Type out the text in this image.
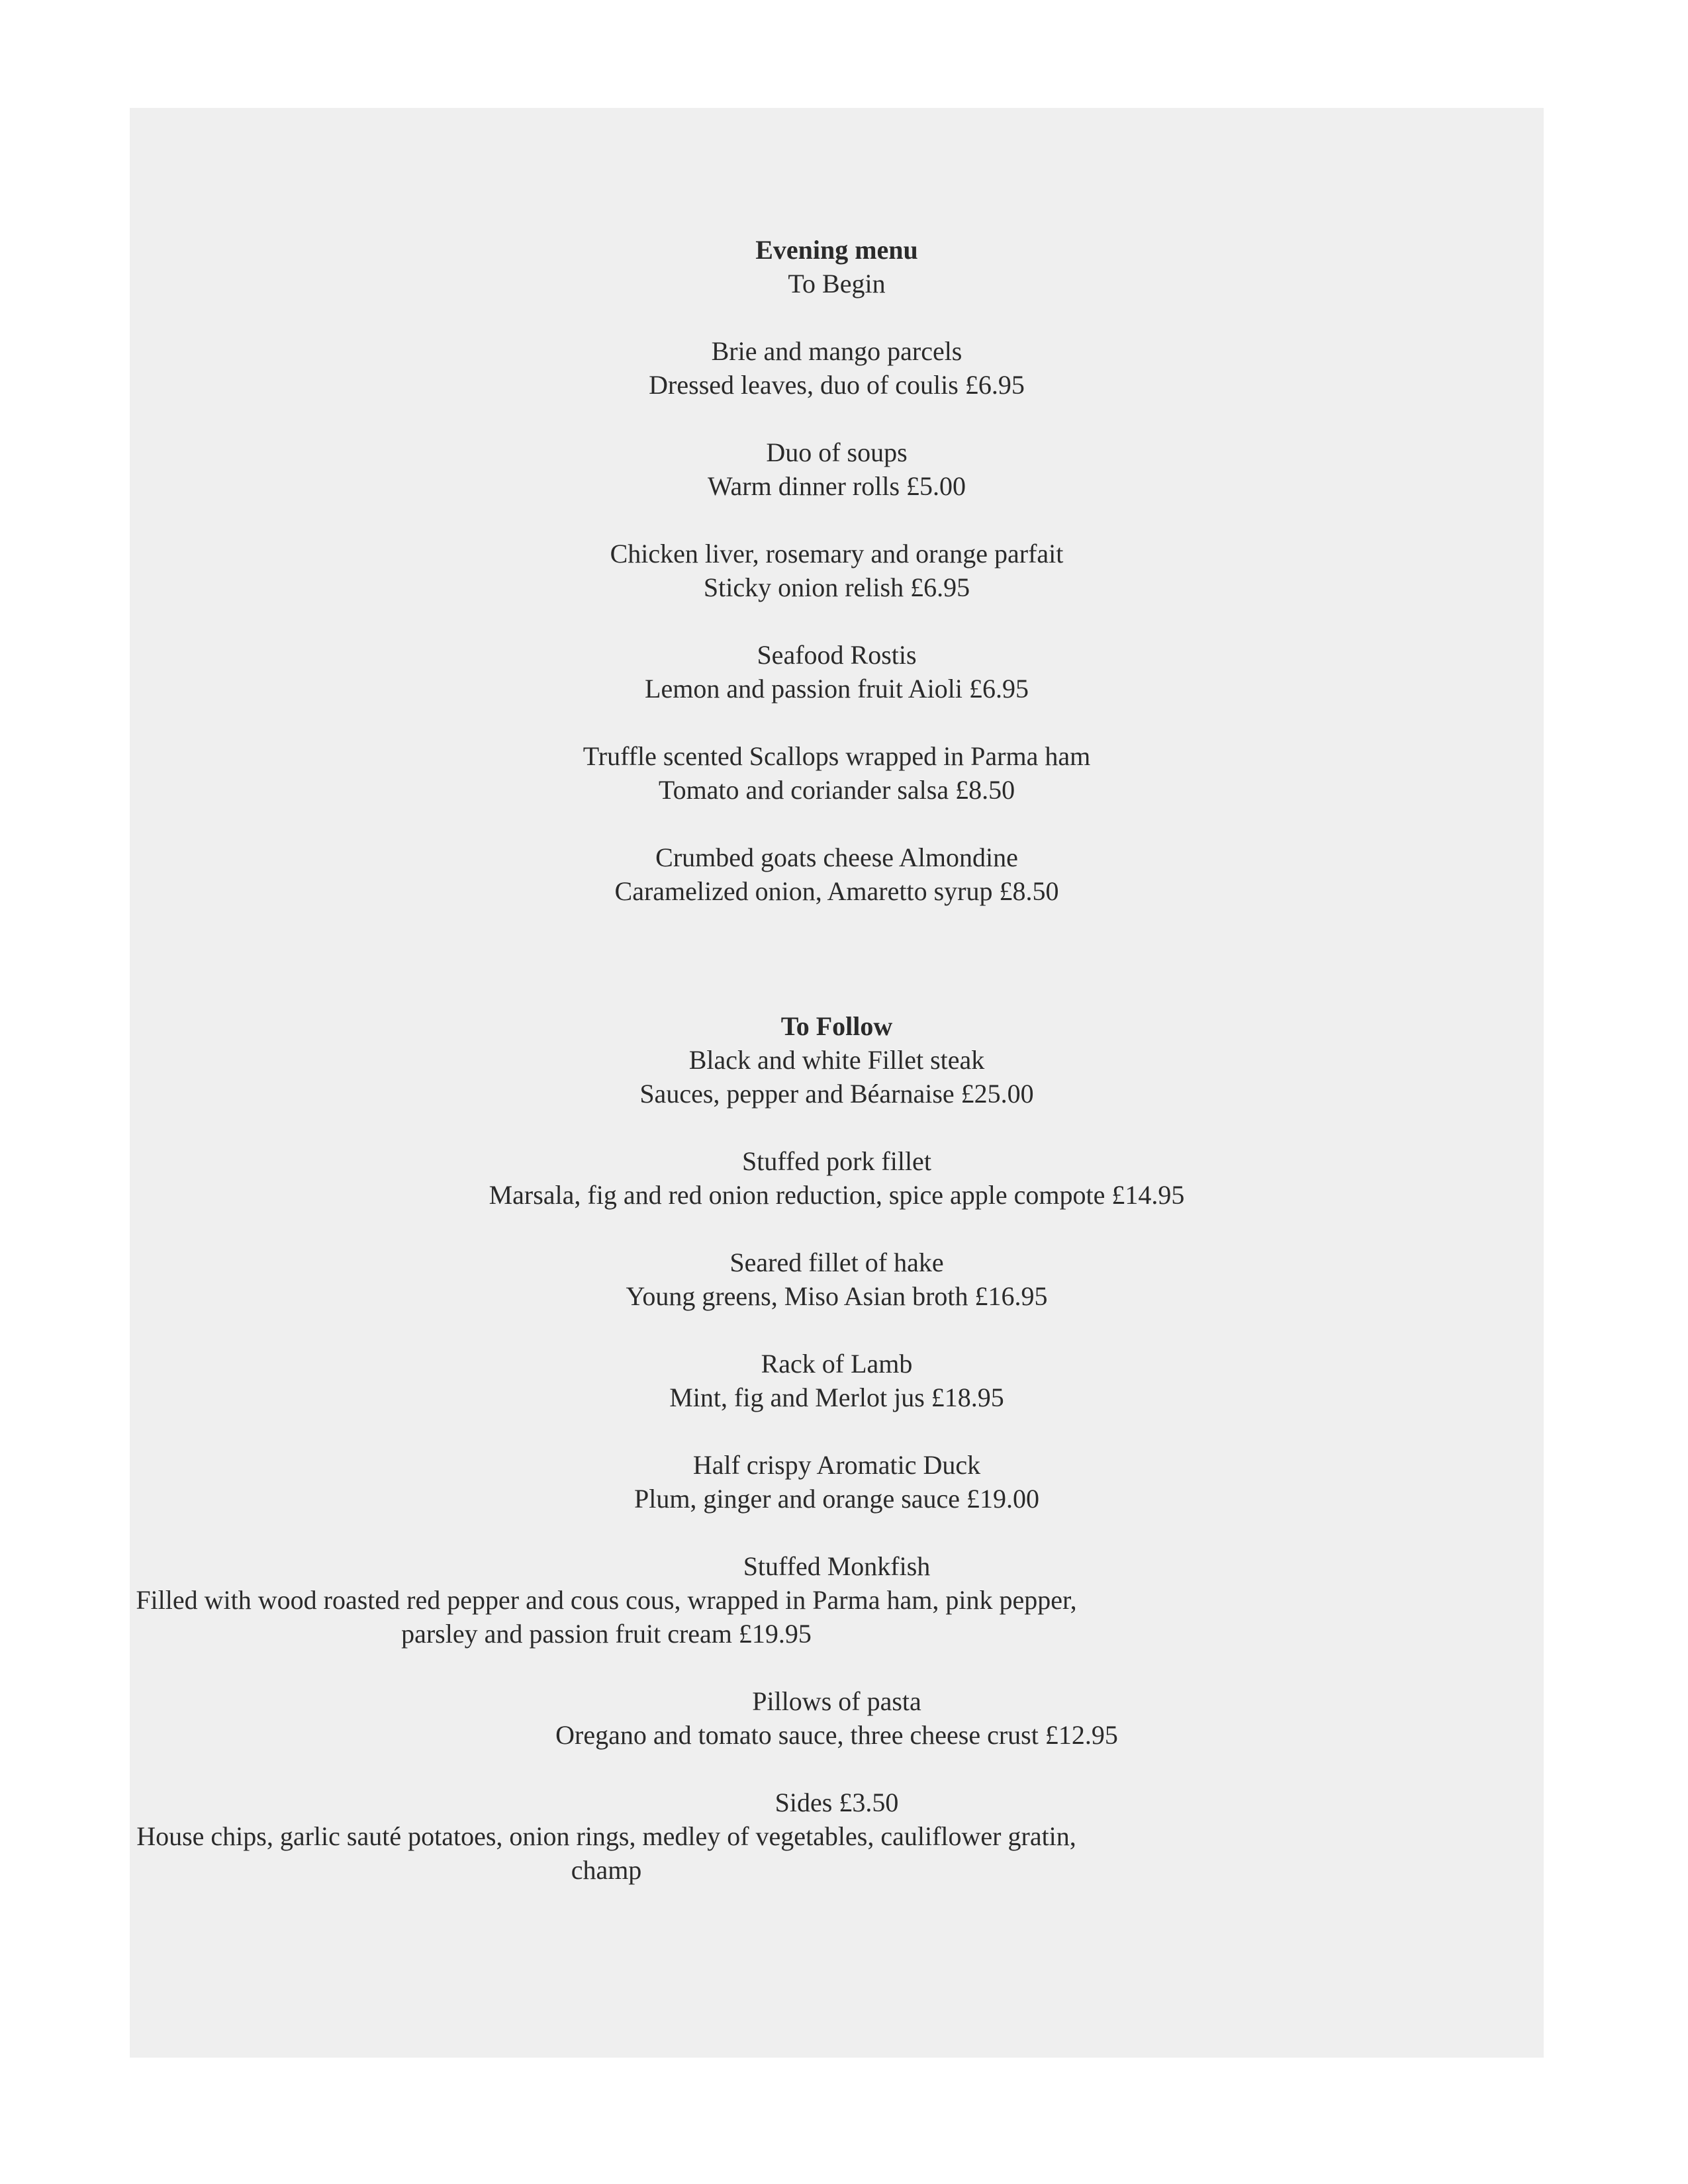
Evening menu

To Begin

Brie and mango parcels

Dressed leaves, duo of coulis £6.95

Duo of soups

Warm dinner rolls £5.00

Chicken liver, rosemary and orange parfait

Sticky onion relish £6.95

Seafood Rostis

Lemon and passion fruit Aioli £6.95

Truffle scented Scallops wrapped in Parma ham

Tomato and coriander salsa £8.50

Crumbed goats cheese Almondine

Caramelized onion, Amaretto syrup £8.50

To Follow

Black and white Fillet steak

Sauces, pepper and Béarnaise £25.00

Stuffed pork fillet

Marsala, fig and red onion reduction, spice apple compote £14.95

Seared fillet of hake

Young greens, Miso Asian broth £16.95

Rack of Lamb

Mint, fig and Merlot jus £18.95

Half crispy Aromatic Duck

Plum, ginger and orange sauce £19.00

Stuffed Monkfish

Filled with wood roasted red pepper and cous cous, wrapped in Parma ham, pink pepper, parsley and passion fruit cream £19.95

Pillows of pasta

Oregano and tomato sauce, three cheese crust £12.95

Sides £3.50

House chips, garlic sauté potatoes, onion rings, medley of vegetables, cauliflower gratin, champ
